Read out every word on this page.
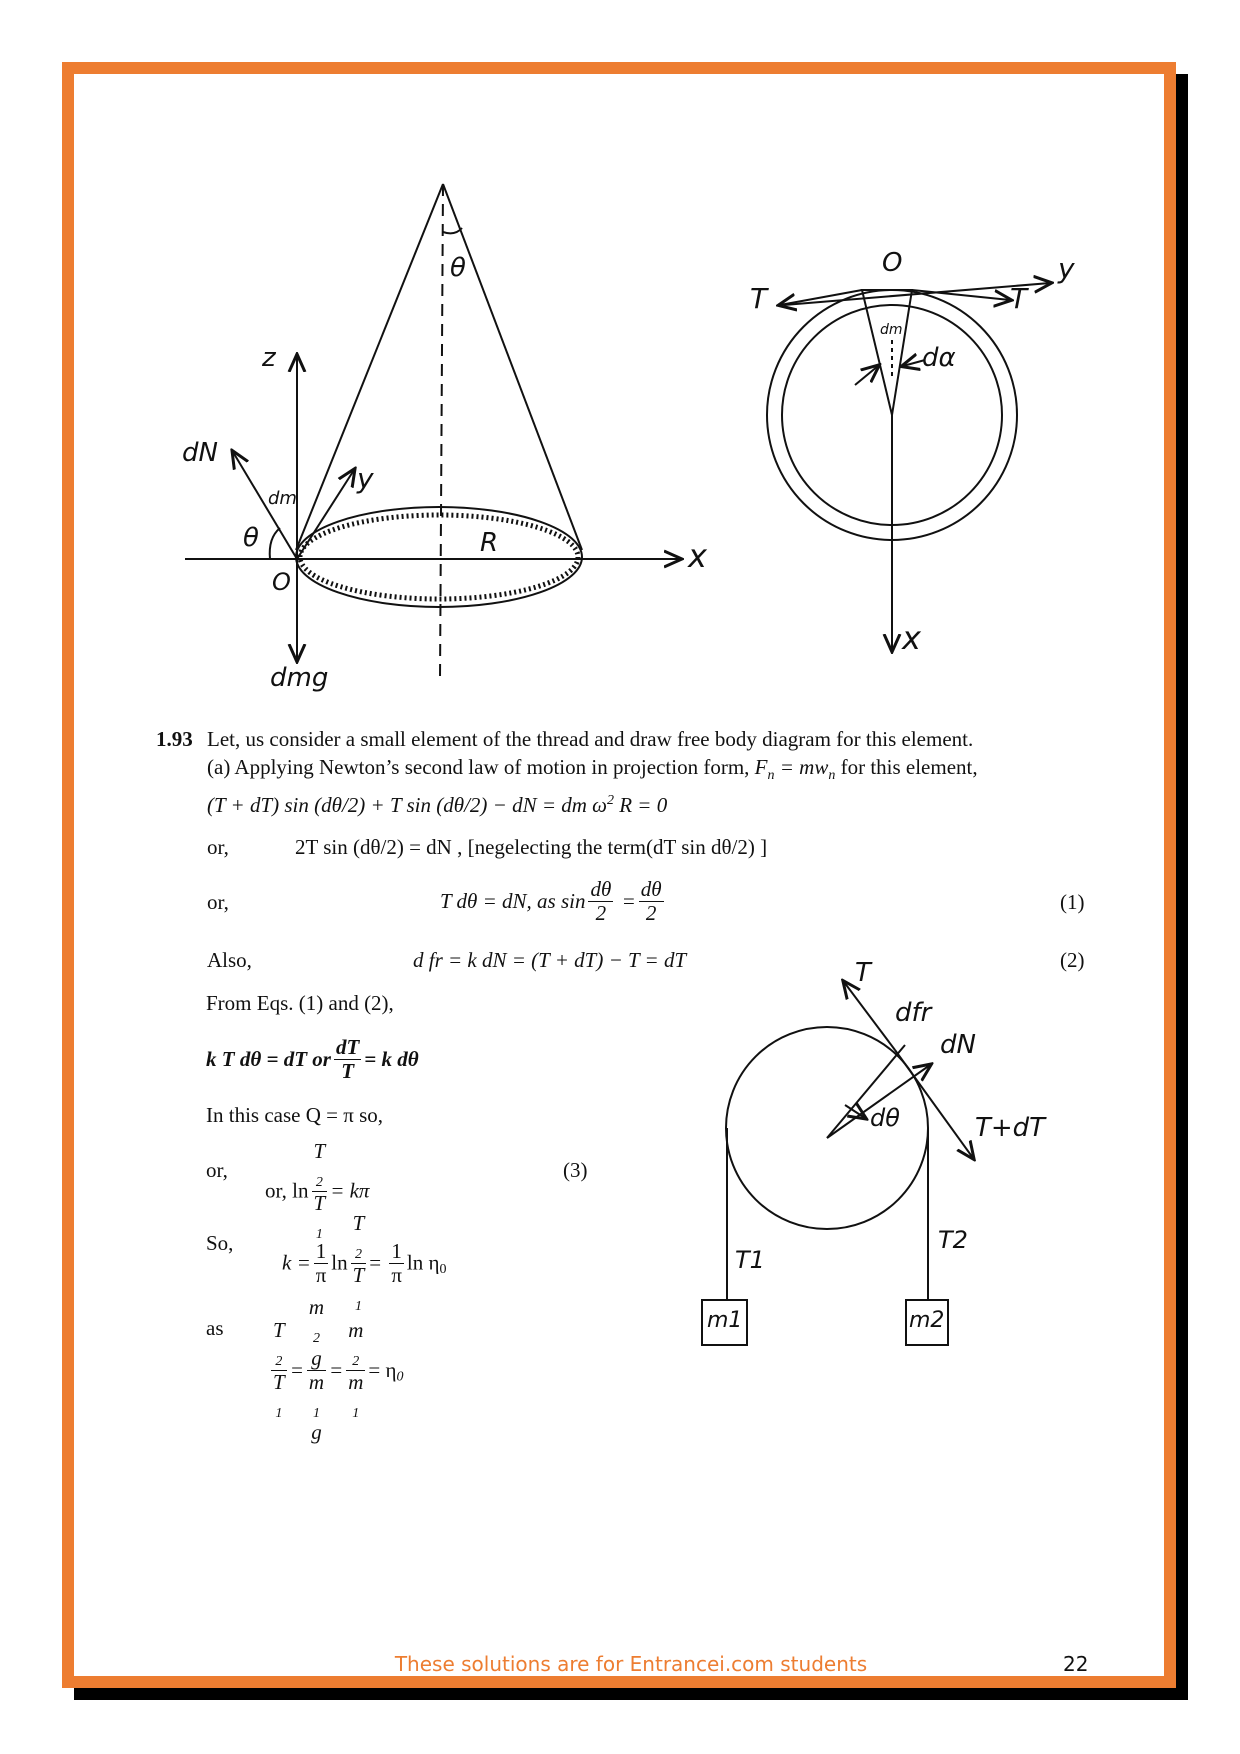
θ
z
dN
dm
θ
O
y
R	x
dmg
O	y
T	T
dm
dα
x
T
dfr
dN
dθ	T+dT
T1
T2
m1	m2
1.93 Let, us consider a small element of the thread and draw free body diagram for this element.
(a) Applying Newton’s second law of motion in projection form, $F_n = mw_n$ for this element,
(T + dT) sin (dθ/2) + T sin (dθ/2) − dN = dm $\omega^2$ R = 0
or,	2T sin (dθ/2) = dN , [negelecting the term(dT sin dθ/2) ]
or,	T dθ = dN, as $\sin \frac{d\theta}{2} = \frac{d\theta}{2}$	(1)
Also,	d fr = k dN = (T + dT) − T = dT	(2)
From Eqs. (1) and (2),
k T dθ = dT or $\frac{dT}{T} = k$ dθ
In this case Q = π so,
or,
or, ln T
$_2$
T
$_1$ = kπ
(3)
So,
$k = \frac{1}{\pi}$ ln T
$_2$
T
$_1 = \frac{1}{\pi}$ $\ln \eta_0$
as T
$_2$
T
$_1$ = m
$_2$
g
m
$_1$
g = m
$_2$
m
$_1 = \eta_0$
These solutions are for Entrancei.com students	22
